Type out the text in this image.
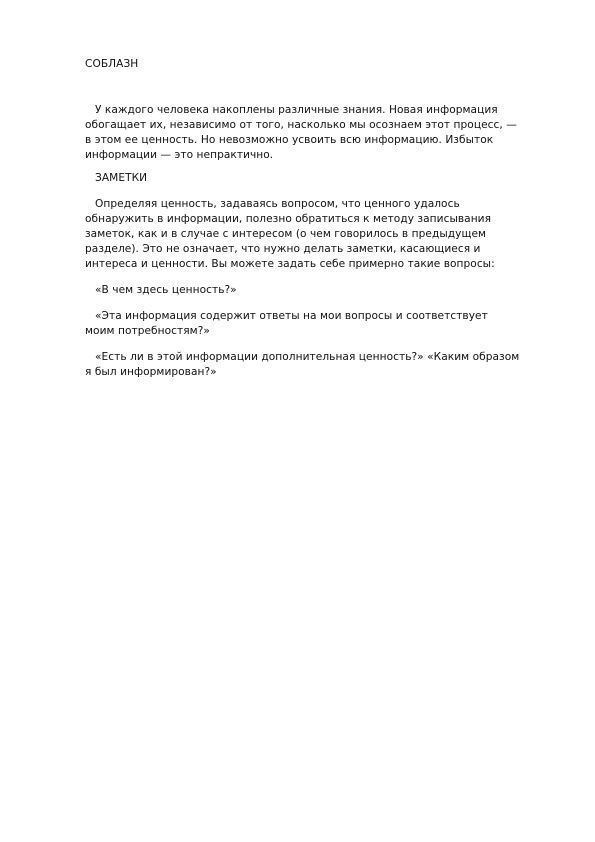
СОБЛАЗН

У каждого человека накоплены различные знания. Новая информация обогащает их, независимо от того, насколько мы осознаем этот процесс, — в этом ее ценность. Но невозможно усвоить всю информацию. Избыток информации — это непрактично.

ЗАМЕТКИ

Определяя ценность, задаваясь вопросом, что ценного удалось обнаружить в информации, полезно обратиться к методу записывания заметок, как и в случае с интересом (о чем говорилось в предыдущем разделе). Это не означает, что нужно делать заметки, касающиеся и интереса и ценности. Вы можете задать себе примерно такие вопросы:

«В чем здесь ценность?»

«Эта информация содержит ответы на мои вопросы и соответствует моим потребностям?»

«Есть ли в этой информации дополнительная ценность?» «Каким образом я был информирован?»
